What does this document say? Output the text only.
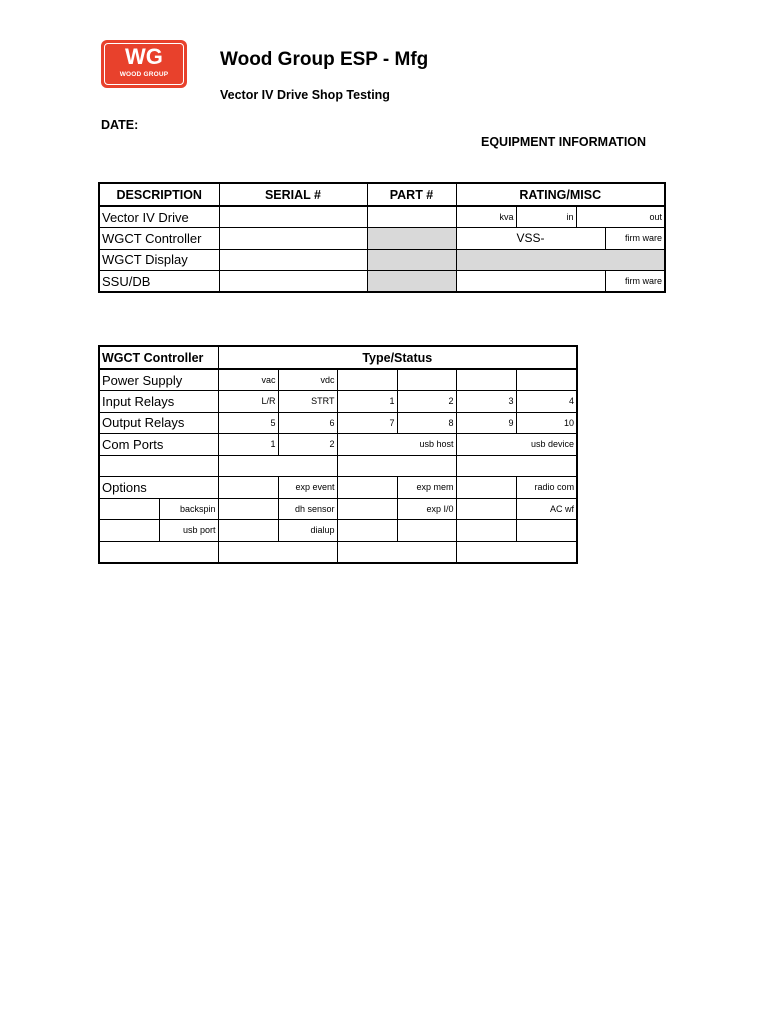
WG
WOOD GROUP
Wood Group ESP - Mfg
Vector IV Drive Shop Testing
DATE:
EQUIPMENT INFORMATION
DESCRIPTION	SERIAL #	PART #	RATING/MISC			
Vector IV Drive			kva	in	out	
WGCT Controller			VSS-			firm ware
WGCT Display						
SSU/DB						firm ware
WGCT Controller		Type/Status					
Power Supply		vac	vdc				
Input Relays		L/R	STRT	1	2	3	4
Output Relays		5	6	7	8	9	10
Com Ports		1	2	usb host		usb device	

Options			exp event		exp mem		radio com
	backspin		dh sensor		exp I/0		AC wf
	usb port		dialup				
